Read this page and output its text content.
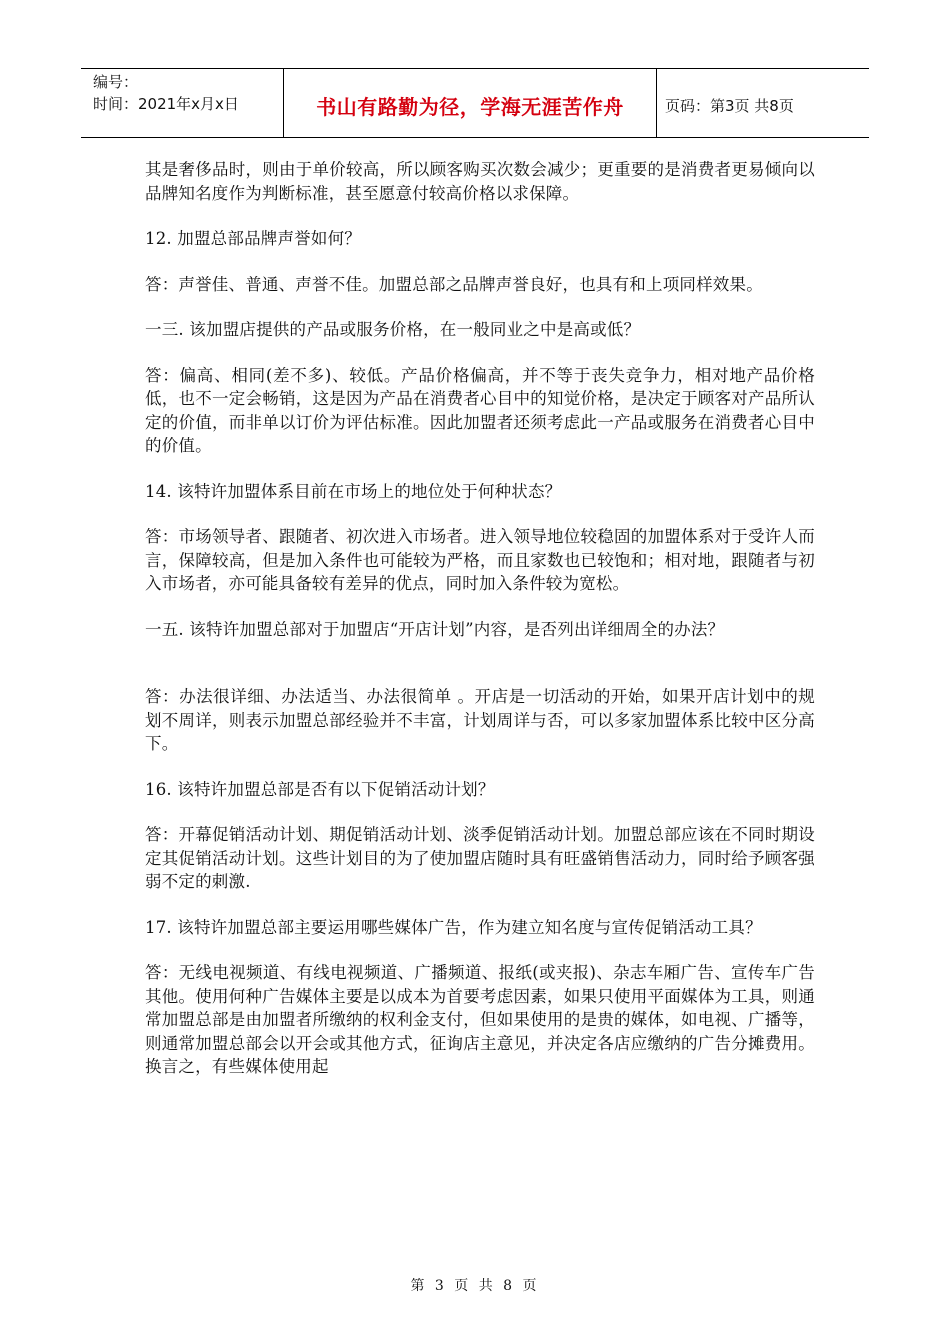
编号：
时间：2021年x月x日	书山有路勤为径，学海无涯苦作舟	页码：第3页 共8页

其是奢侈品时，则由于单价较高，所以顾客购买次数会减少；更重要的是消费者更易倾向以品牌知名度作为判断标准，甚至愿意付较高价格以求保障。

12. 加盟总部品牌声誉如何？

答：声誉佳、普通、声誉不佳。加盟总部之品牌声誉良好，也具有和上项同样效果。

一三. 该加盟店提供的产品或服务价格，在一般同业之中是高或低？

答：偏高、相同(差不多)、较低。产品价格偏高，并不等于丧失竞争力，相对地产品价格低，也不一定会畅销，这是因为产品在消费者心目中的知觉价格，是决定于顾客对产品所认定的价值，而非单以订价为评估标准。因此加盟者还须考虑此一产品或服务在消费者心目中的价值。

14. 该特许加盟体系目前在市场上的地位处于何种状态？

答：市场领导者、跟随者、初次进入市场者。进入领导地位较稳固的加盟体系对于受许人而言，保障较高，但是加入条件也可能较为严格，而且家数也已较饱和；相对地，跟随者与初入市场者，亦可能具备较有差异的优点，同时加入条件较为宽松。

一五. 该特许加盟总部对于加盟店“开店计划”内容，是否列出详细周全的办法？

答：办法很详细、办法适当、办法很简单 。开店是一切活动的开始，如果开店计划中的规划不周详，则表示加盟总部经验并不丰富，计划周详与否，可以多家加盟体系比较中区分高下。

16. 该特许加盟总部是否有以下促销活动计划？

答：开幕促销活动计划、期促销活动计划、淡季促销活动计划。加盟总部应该在不同时期设定其促销活动计划。这些计划目的为了使加盟店随时具有旺盛销售活动力，同时给予顾客强弱不定的刺激.

17. 该特许加盟总部主要运用哪些媒体广告，作为建立知名度与宣传促销活动工具？

答：无线电视频道、有线电视频道、广播频道、报纸(或夹报)、杂志车厢广告、宣传车广告其他。使用何种广告媒体主要是以成本为首要考虑因素，如果只使用平面媒体为工具，则通常加盟总部是由加盟者所缴纳的权利金支付，但如果使用的是贵的媒体，如电视、广播等，则通常加盟总部会以开会或其他方式，征询店主意见，并决定各店应缴纳的广告分摊费用。换言之，有些媒体使用起

第 3 页 共 8 页
